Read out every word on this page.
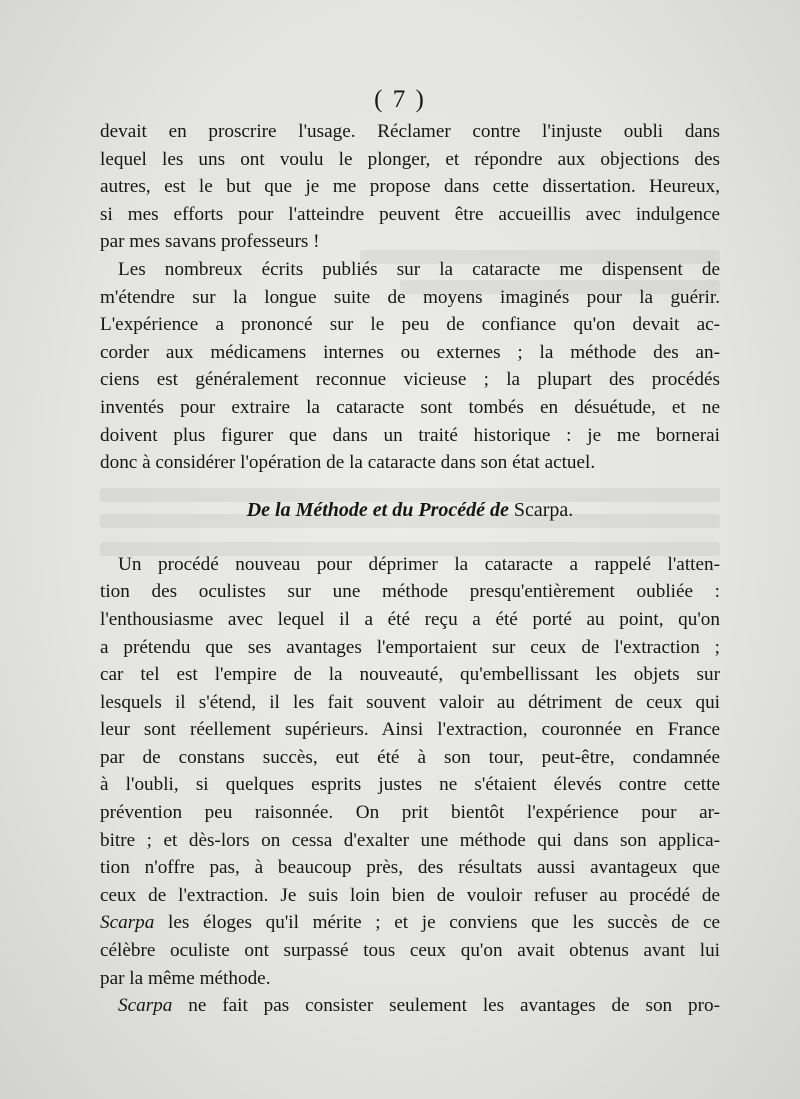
( 7 )
devait en proscrire l'usage. Réclamer contre l'injuste oubli dans
lequel les uns ont voulu le plonger, et répondre aux objections des
autres, est le but que je me propose dans cette dissertation. Heureux,
si mes efforts pour l'atteindre peuvent être accueillis avec indulgence
par mes savans professeurs !
Les nombreux écrits publiés sur la cataracte me dispensent de
m'étendre sur la longue suite de moyens imaginés pour la guérir.
L'expérience a prononcé sur le peu de confiance qu'on devait ac-
corder aux médicamens internes ou externes ; la méthode des an-
ciens est généralement reconnue vicieuse ; la plupart des procédés
inventés pour extraire la cataracte sont tombés en désuétude, et ne
doivent plus figurer que dans un traité historique : je me bornerai
donc à considérer l'opération de la cataracte dans son état actuel.
De la Méthode et du Procédé de Scarpa.
Un procédé nouveau pour déprimer la cataracte a rappelé l'atten-
tion des oculistes sur une méthode presqu'entièrement oubliée :
l'enthousiasme avec lequel il a été reçu a été porté au point, qu'on
a prétendu que ses avantages l'emportaient sur ceux de l'extraction ;
car tel est l'empire de la nouveauté, qu'embellissant les objets sur
lesquels il s'étend, il les fait souvent valoir au détriment de ceux qui
leur sont réellement supérieurs. Ainsi l'extraction, couronnée en France
par de constans succès, eut été à son tour, peut-être, condamnée
à l'oubli, si quelques esprits justes ne s'étaient élevés contre cette
prévention peu raisonnée. On prit bientôt l'expérience pour ar-
bitre ; et dès-lors on cessa d'exalter une méthode qui dans son applica-
tion n'offre pas, à beaucoup près, des résultats aussi avantageux que
ceux de l'extraction. Je suis loin bien de vouloir refuser au procédé de
Scarpa les éloges qu'il mérite ; et je conviens que les succès de ce
célèbre oculiste ont surpassé tous ceux qu'on avait obtenus avant lui
par la même méthode.
Scarpa ne fait pas consister seulement les avantages de son pro-
